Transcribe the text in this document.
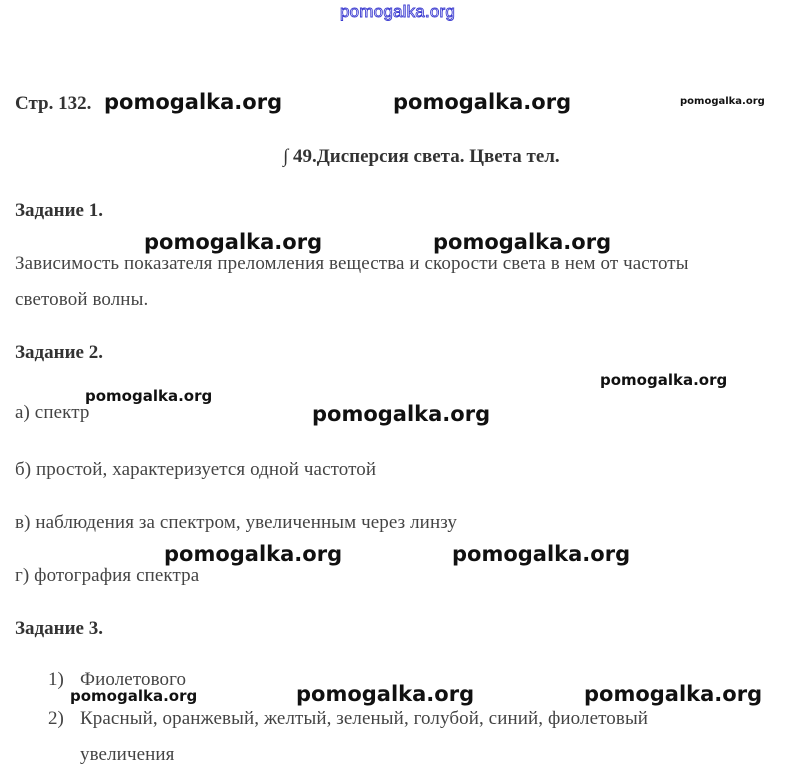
pomogalka.org
Стр. 132.
∫ 49.Дисперсия света. Цвета тел.
Задание 1.
Зависимость показателя преломления вещества и скорости света в нем от частоты
световой волны.
Задание 2.
а) спектр
б) простой, характеризуется одной частотой
в) наблюдения за спектром, увеличенным через линзу
г) фотография спектра
Задание 3.
1) Фиолетового
2) Красный, оранжевый, желтый, зеленый, голубой, синий, фиолетовый
увеличения
pomogalka.org	pomogalka.org	pomogalka.org
pomogalka.org	pomogalka.org
pomogalka.org
pomogalka.org
pomogalka.org
pomogalka.org	pomogalka.org
pomogalka.org	pomogalka.org	pomogalka.org
